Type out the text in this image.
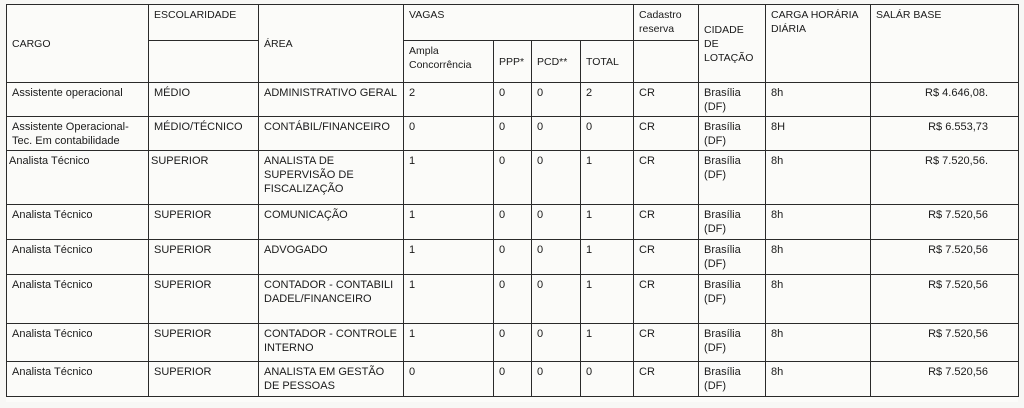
CARGO	ESCOLARIDADE	ÁREA	VAGAS				Cadastro reserva	CIDADE DE LOTAÇÃO	CARGA HORÁRIA DIÁRIA	SALÁR BASE
			Ampla Concorrência	PPP*	PCD**	TOTAL				
Assistente operacional	MÉDIO	ADMINISTRATIVO GERAL	2	0	0	2	CR	Brasília (DF)	8h	R$ 4.646,08.
Assistente Operacional-Tec. Em contabilidade	MÉDIO/TÉCNICO	CONTÁBIL/FINANCEIRO	0	0	0	0	CR	Brasília (DF)	8H	R$ 6.553,73
Analista Técnico	SUPERIOR	ANALISTA DE SUPERVISÃO DE FISCALIZAÇÃO	1	0	0	1	CR	Brasília (DF)	8h	R$ 7.520,56.
Analista Técnico	SUPERIOR	COMUNICAÇÃO	1	0	0	1	CR	Brasília (DF)	8h	R$ 7.520,56
Analista Técnico	SUPERIOR	ADVOGADO	1	0	0	1	CR	Brasília (DF)	8h	R$ 7.520,56
Analista Técnico	SUPERIOR	CONTADOR - CONTABILIDADEL/FINANCEIRO	1	0	0	1	CR	Brasília (DF)	8h	R$ 7.520,56
Analista Técnico	SUPERIOR	CONTADOR - CONTROLE INTERNO	1	0	0	1	CR	Brasília (DF)	8h	R$ 7.520,56
Analista Técnico	SUPERIOR	ANALISTA EM GESTÃO DE PESSOAS	0	0	0	0	CR	Brasília (DF)	8h	R$ 7.520,56
